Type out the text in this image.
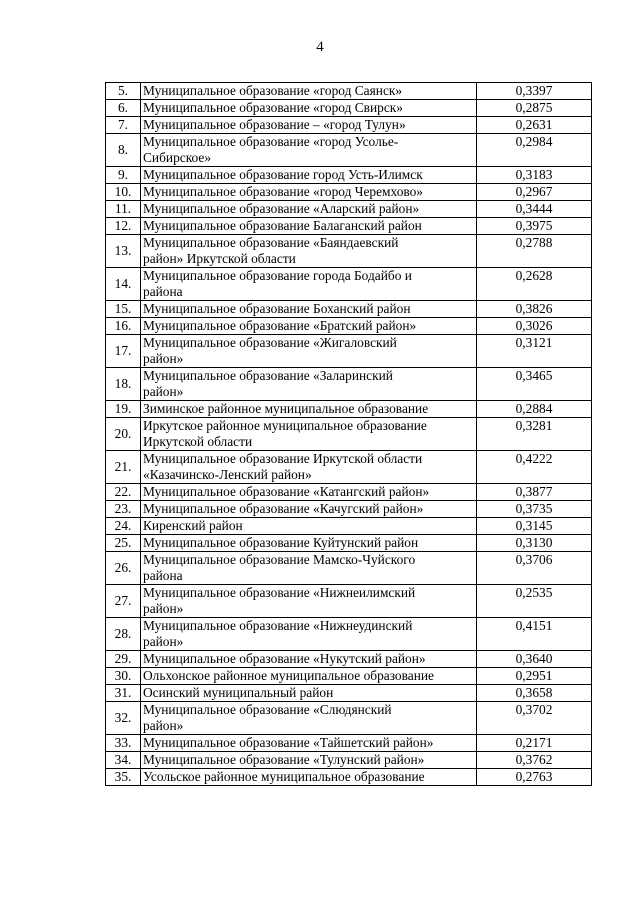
4
5.	Муниципальное образование «город Саянск»	0,3397
6.	Муниципальное образование «город Свирск»	0,2875
7.	Муниципальное образование – «город Тулун»	0,2631
8.	Муниципальное образование «город Усолье-
Сибирское»	0,2984
9.	Муниципальное образование город Усть-Илимск	0,3183
10.	Муниципальное образование «город Черемхово»	0,2967
11.	Муниципальное образование «Аларский район»	0,3444
12.	Муниципальное образование Балаганский район	0,3975
13.	Муниципальное образование «Баяндаевский
район» Иркутской области	0,2788
14.	Муниципальное образование города Бодайбо и
района	0,2628
15.	Муниципальное образование Боханский район	0,3826
16.	Муниципальное образование «Братский район»	0,3026
17.	Муниципальное образование «Жигаловский
район»	0,3121
18.	Муниципальное образование «Заларинский
район»	0,3465
19.	Зиминское районное муниципальное образование	0,2884
20.	Иркутское районное муниципальное образование
Иркутской области	0,3281
21.	Муниципальное образование Иркутской области
«Казачинско-Ленский район»	0,4222
22.	Муниципальное образование «Катангский район»	0,3877
23.	Муниципальное образование «Качугский район»	0,3735
24.	Киренский район	0,3145
25.	Муниципальное образование Куйтунский район	0,3130
26.	Муниципальное образование Мамско-Чуйского
района	0,3706
27.	Муниципальное образование «Нижнеилимский
район»	0,2535
28.	Муниципальное образование «Нижнеудинский
район»	0,4151
29.	Муниципальное образование «Нукутский район»	0,3640
30.	Ольхонское районное муниципальное образование	0,2951
31.	Осинский муниципальный район	0,3658
32.	Муниципальное образование «Слюдянский
район»	0,3702
33.	Муниципальное образование «Тайшетский район»	0,2171
34.	Муниципальное образование «Тулунский район»	0,3762
35.	Усольское районное муниципальное образование	0,2763
